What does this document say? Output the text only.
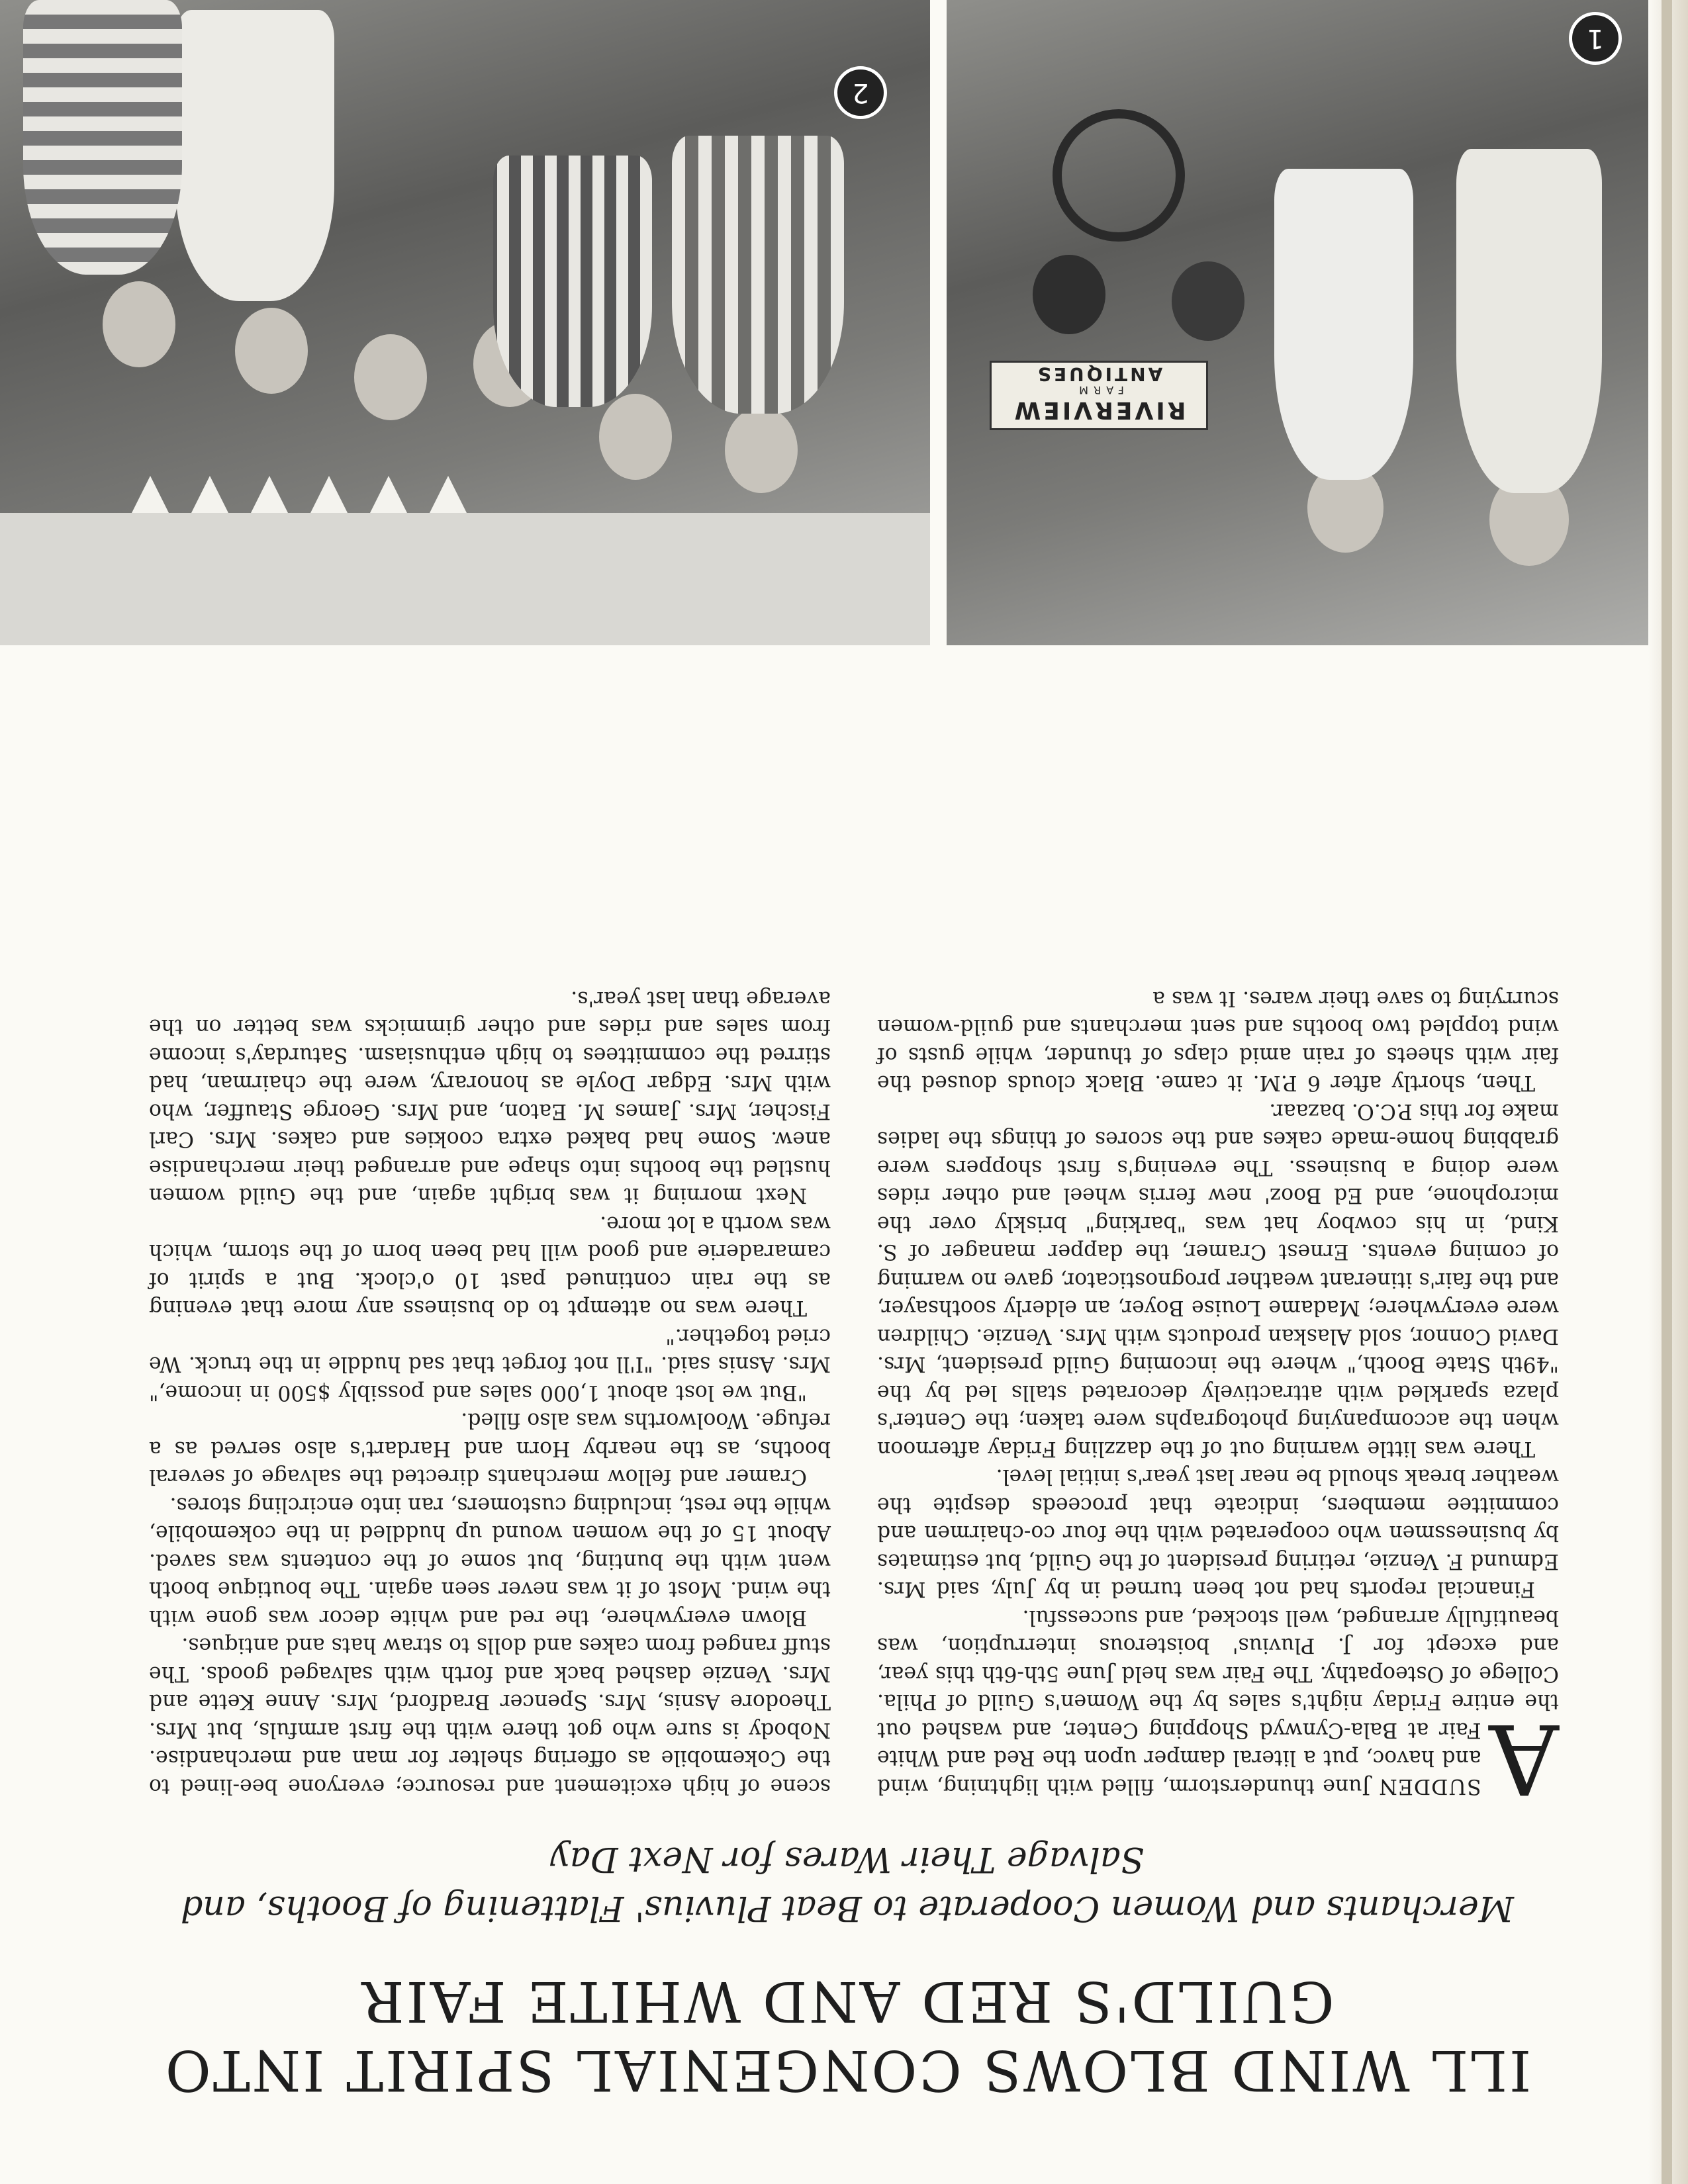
ILL WIND BLOWS CONGENIAL SPIRIT INTO GUILD'S RED AND WHITE FAIR
Merchants and Women Cooperate to Beat Pluvius' Flattening of Booths, and Salvage Their Wares for Next Day

A
SUDDEN June thunderstorm, filled with lightning, wind and havoc, put a literal damper upon the Red and White Fair at Bala-Cynwyd Shopping Center, and washed out the entire Friday night's sales by the Women's Guild of Phila. College of Osteopathy. The Fair was held June 5th-6th this year, and except for J. Pluvius' boisterous interruption, was beautifully arranged, well stocked, and successful.

Financial reports had not been turned in by July, said Mrs. Edmund F. Venzie, retiring president of the Guild, but estimates by businessmen who cooperated with the four co-chairmen and committee members, indicate that proceeds despite the weather break should be near last year's initial level.

There was little warning out of the dazzling Friday afternoon when the accompanying photographs were taken; the Center's plaza sparkled with attractively decorated stalls led by the "49th State Booth," where the incoming Guild president, Mrs. David Connor, sold Alaskan products with Mrs. Venzie. Children were everywhere; Madame Louise Boyer, an elderly soothsayer, and the fair's itinerant weather prognosticator, gave no warning of coming events. Ernest Cramer, the dapper manager of S. Kind, in his cowboy hat was "barking" briskly over the microphone, and Ed Booz' new ferris wheel and other rides were doing a business. The evening's first shoppers were grabbing home-made cakes and the scores of things the ladies make for this P.C.O. bazaar.

Then, shortly after 6 P.M. it came. Black clouds doused the fair with sheets of rain amid claps of thunder, while gusts of wind toppled two booths and sent merchants and guild-women scurrying to save their wares. It was a

scene of high excitement and resource; everyone bee-lined to the Cokemobile as offering shelter for man and merchandise. Nobody is sure who got there with the first armfuls, but Mrs. Theodore Asnis, Mrs. Spencer Bradford, Mrs. Anne Kette and Mrs. Venzie dashed back and forth with salvaged goods. The stuff ranged from cakes and dolls to straw hats and antiques.

Blown everywhere, the red and white decor was gone with the wind. Most of it was never seen again. The boutique booth went with the bunting, but some of the contents was saved. About 15 of the women wound up huddled in the cokemobile, while the rest, including customers, ran into encircling stores.

Cramer and fellow merchants directed the salvage of several booths, as the nearby Horn and Hardart's also served as a refuge. Woolworths was also filled.

"But we lost about 1,000 sales and possibly $500 in income," Mrs. Asnis said. "I'll not forget that sad huddle in the truck. We cried together."

There was no attempt to do business any more that evening as the rain continued past 10 o'clock. But a spirit of camaraderie and good will had been born of the storm, which was worth a lot more.

Next morning it was bright again, and the Guild women hustled the booths into shape and arranged their merchandise anew. Some had baked extra cookies and cakes. Mrs. Carl Fischer, Mrs. James M. Eaton, and Mrs. George Stauffer, who with Mrs. Edgar Doyle as honorary, were the chairman, had stirred the committees to high enthusiasm. Saturday's income from sales and rides and other gimmicks was better on the average than last year's.

RIVERVIEW
FARM
ANTIQUES
1
2
